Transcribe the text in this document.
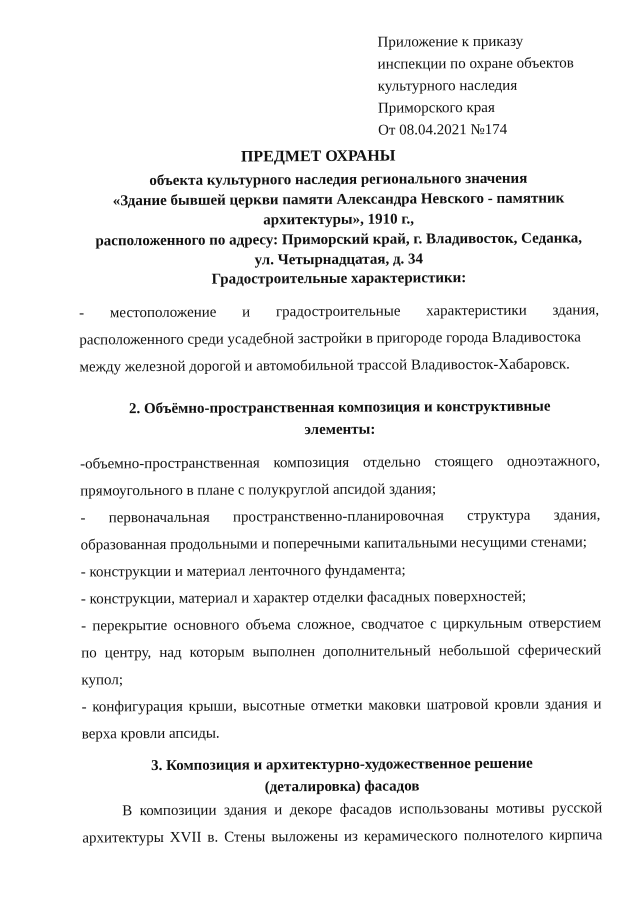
Приложение к приказу
инспекции по охране объектов
культурного наследия
Приморского края
От 08.04.2021 №174
ПРЕДМЕТ ОХРАНЫ
объекта культурного наследия регионального значения
«Здание бывшей церкви памяти Александра Невского - памятник
архитектуры», 1910 г.,
расположенного по адресу: Приморский край, г. Владивосток, Седанка,
ул. Четырнадцатая, д. 34
Градостроительные характеристики:
- местоположение и градостроительные характеристики здания,
расположенного среди усадебной застройки в пригороде города Владивостока
между железной дорогой и автомобильной трассой Владивосток-Хабаровск.
2. Объёмно-пространственная композиция и конструктивные
элементы:
-объемно-пространственная композиция отдельно стоящего одноэтажного,
прямоугольного в плане с полукруглой апсидой здания;
- первоначальная пространственно-планировочная структура здания,
образованная продольными и поперечными капитальными несущими стенами;
- конструкции и материал ленточного фундамента;
- конструкции, материал и характер отделки фасадных поверхностей;
- перекрытие основного объема сложное, сводчатое с циркульным отверстием
по центру, над которым выполнен дополнительный небольшой сферический
купол;
- конфигурация крыши, высотные отметки маковки шатровой кровли здания и
верха кровли апсиды.
3. Композиция и архитектурно-художественное решение
(деталировка) фасадов
В композиции здания и декоре фасадов использованы мотивы русской
архитектуры XVII в. Стены выложены из керамического полнотелого кирпича
